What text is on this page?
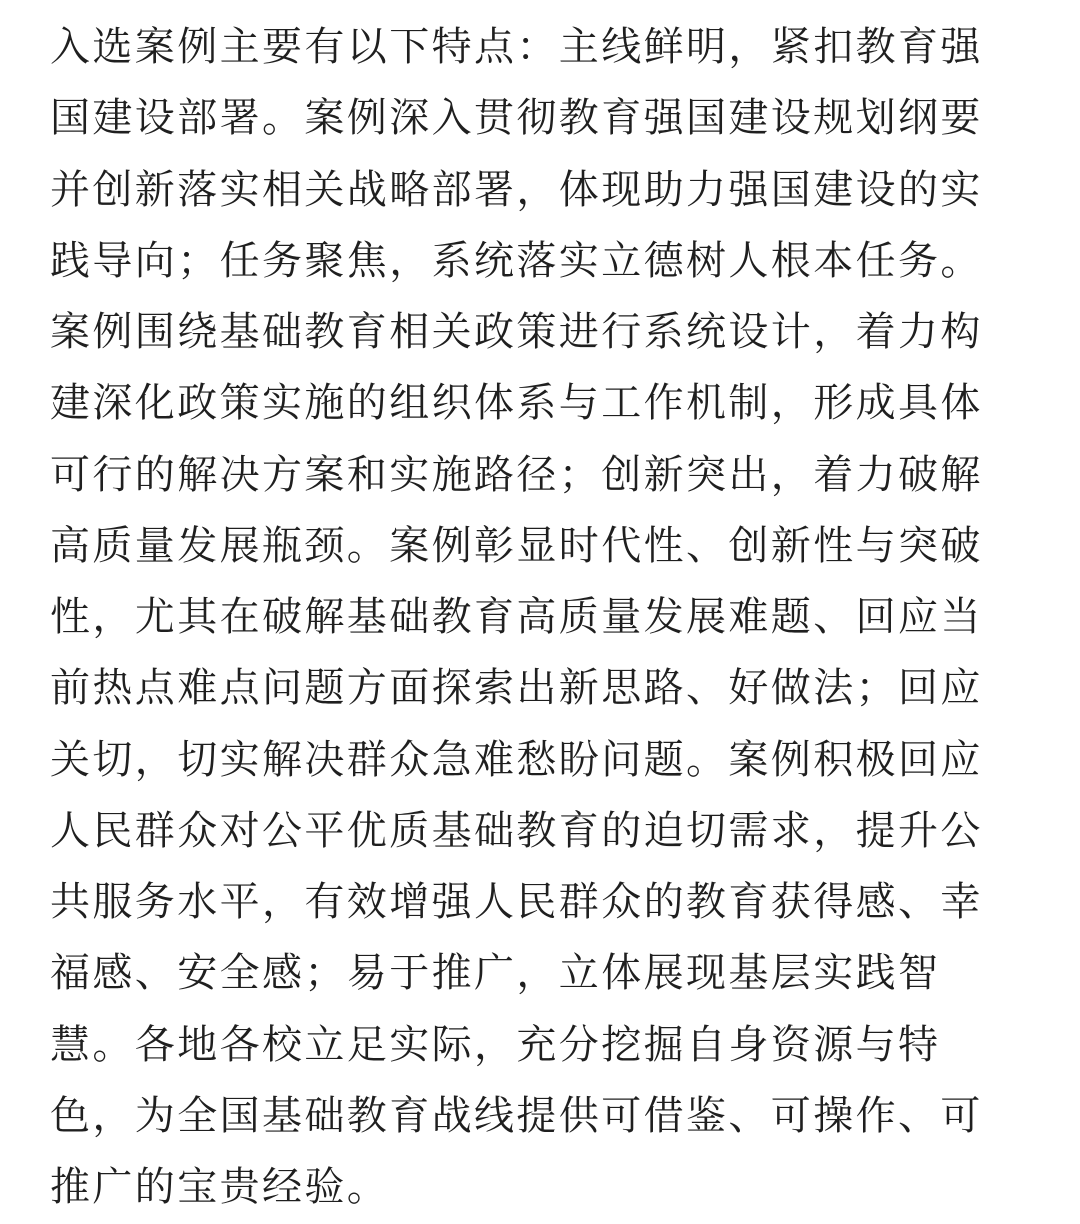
入选案例主要有以下特点：主线鲜明，紧扣教育强
国建设部署。案例深入贯彻教育强国建设规划纲要
并创新落实相关战略部署，体现助力强国建设的实
践导向；任务聚焦，系统落实立德树人根本任务。
案例围绕基础教育相关政策进行系统设计，着力构
建深化政策实施的组织体系与工作机制，形成具体
可行的解决方案和实施路径；创新突出，着力破解
高质量发展瓶颈。案例彰显时代性、创新性与突破
性，尤其在破解基础教育高质量发展难题、回应当
前热点难点问题方面探索出新思路、好做法；回应
关切，切实解决群众急难愁盼问题。案例积极回应
人民群众对公平优质基础教育的迫切需求，提升公
共服务水平，有效增强人民群众的教育获得感、幸
福感、安全感；易于推广，立体展现基层实践智
慧。各地各校立足实际，充分挖掘自身资源与特
色，为全国基础教育战线提供可借鉴、可操作、可
推广的宝贵经验。
